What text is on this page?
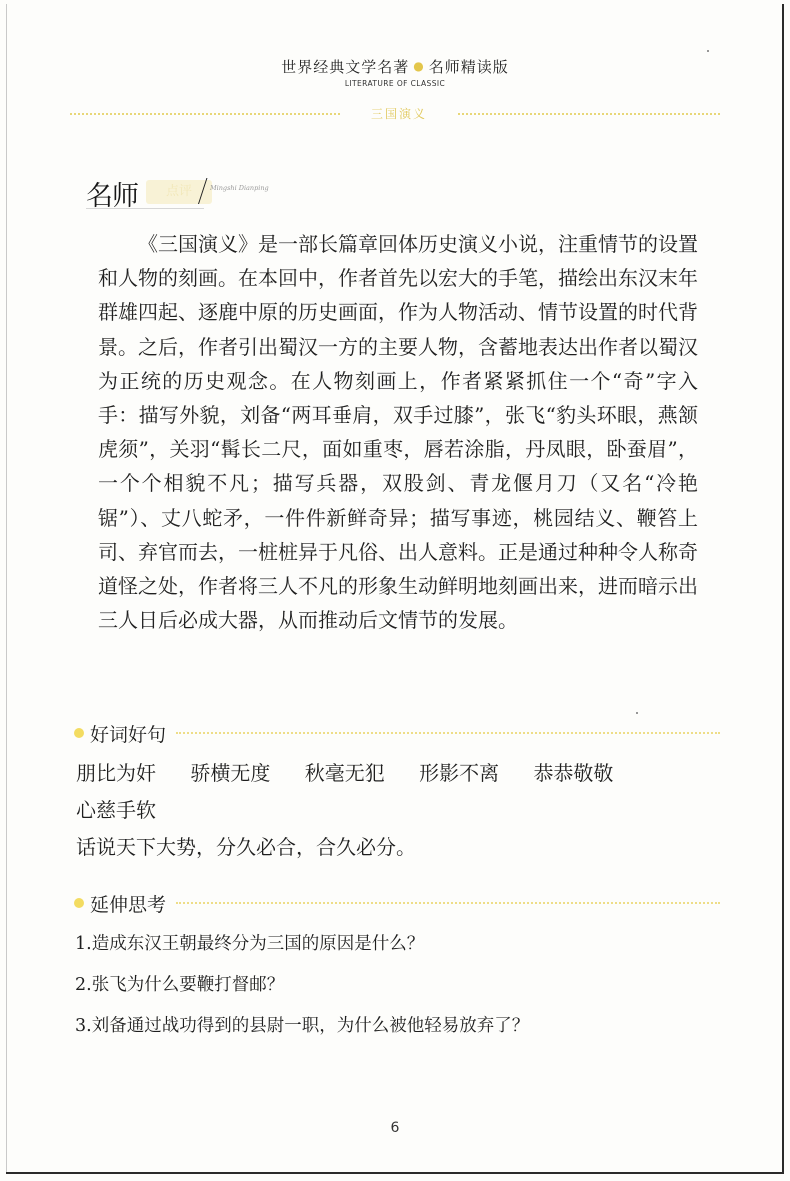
世界经典文学名著 ● 名师精读版
LITERATURE OF CLASSIC
三国演义
点评
名师	Mingshi Dianping

《三国演义》是一部长篇章回体历史演义小说，注重情节的设置和人物的刻画。在本回中，作者首先以宏大的手笔，描绘出东汉末年群雄四起、逐鹿中原的历史画面，作为人物活动、情节设置的时代背景。之后，作者引出蜀汉一方的主要人物，含蓄地表达出作者以蜀汉为正统的历史观念。在人物刻画上，作者紧紧抓住一个“奇”字入手：描写外貌，刘备“两耳垂肩，双手过膝”，张飞“豹头环眼，燕颔虎须”，关羽“髯长二尺，面如重枣，唇若涂脂，丹凤眼，卧蚕眉”，一个个相貌不凡；描写兵器，双股剑、青龙偃月刀（又名“冷艳锯”）、丈八蛇矛，一件件新鲜奇异；描写事迹，桃园结义、鞭笞上司、弃官而去，一桩桩异于凡俗、出人意料。正是通过种种令人称奇道怪之处，作者将三人不凡的形象生动鲜明地刻画出来，进而暗示出三人日后必成大器，从而推动后文情节的发展。

好词好句
朋比为奸 骄横无度 秋毫无犯 形影不离 恭恭敬敬
心慈手软
话说天下大势，分久必合，合久必分。
延伸思考
1.造成东汉王朝最终分为三国的原因是什么？
2.张飞为什么要鞭打督邮？
3.刘备通过战功得到的县尉一职，为什么被他轻易放弃了？
6
